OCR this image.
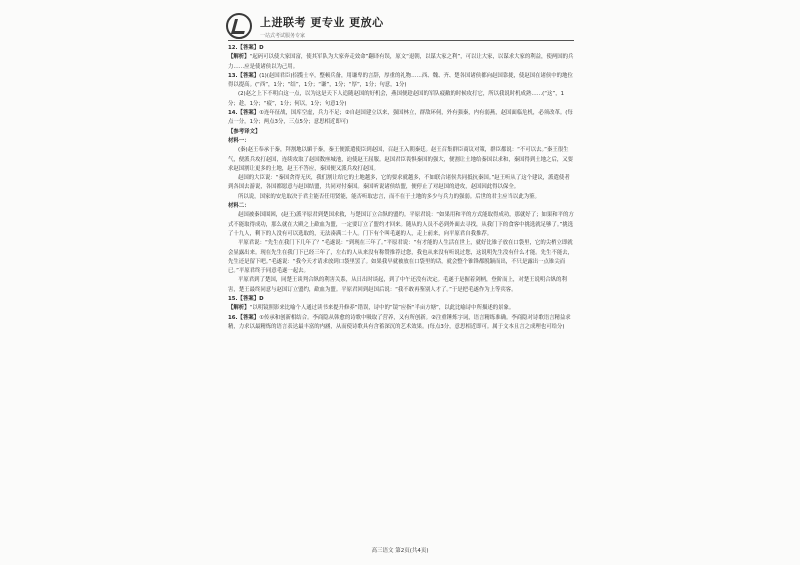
上进联考 更专业 更放心
一站式考试服务专家

12.【答案】D

【解析】“起码可以使大家国富，使其军队为大家奔走效命”翻译有误，原文“退朝，以谋大家之利”，可以让大家，以谋求大家的利益，使两国的兵力……应是使诸侯以为己用。

13.【答案】(1)(赵国君臣)招揽士卒，整顿兵备，用谦卑的言辞，厚重的礼物……西、魏、齐、楚各国诸侯都向赵国靠拢，使赵国在诸侯中的地位得以提高。(“西”，1分；“结”，1分；“谦”，1分；“厚”，1分；句意，1分)

(2)赵之上下不明白这一点，以为这是天下人追随赵国的好机会，燕国便趁赵国的军队疲敝的时候攻打它，所以我说时机成熟……(“这”，1分；趁，1分；“疲”，1分；何以，1分；句意1分)

14.【答案】①连年征战，国库空虚，兵力不足；②自赵国建立以来，强国林立，群敌环伺，外有强秦，内有弱燕，赵国面临危机，必须改革。(每点一分，1分；两点3分，三点5分；意思相近即可)

【参考译文】

材料一：

(秦)赵王奉承于秦，拜割地以媚于秦，秦王便派遣使臣到赵国，召赵王入朝秦廷。赵王召集群臣商议对策，群臣都说：“不可以去。”秦王很生气，便派兵攻打赵国，连续攻取了赵国数座城池，迫使赵王屈服。赵国君臣畏惧秦国的强大，便割让土地给秦国以求和，秦国得到土地之后，又要求赵国割让更多的土地，赵王不答应，秦国便又派兵攻打赵国。

赵国的大臣说：“秦国贪得无厌，我们割让给它的土地越多，它的要求就越多，不如联合诸侯共同抵抗秦国。”赵王听从了这个建议，派遣使者到各国去游说，各国都愿意与赵国结盟，共同对付秦国。秦国听说诸侯结盟，便停止了对赵国的进攻，赵国因此得以保全。

所以说，国家的安危取决于君主能否任用贤能，能否听取忠言，而不在于土地的多少与兵力的强弱。后世的君主应当以此为鉴。

材料二：

赵国被秦国围困，(赵王)派平原君到楚国求救，与楚国订立合纵的盟约。平原君说：“如果用和平的方式能取得成功，那就好了；如果和平的方式不能取得成功，那么就在大殿之上歃血为盟，一定要订立了盟约才回来。随从的人员不必到外面去寻找，从我门下的食客中挑选就足够了。”挑选了十九人，剩下的人没有可以选取的，无法凑满二十人。门下有个叫毛遂的人，走上前来，向平原君自我推荐。

平原君说：“先生在我门下几年了？”毛遂说：“到现在三年了。”平原君说：“有才能的人生活在世上，就好比锥子放在口袋里，它的尖梢立即就会显露出来。现在先生在我门下已经三年了，左右的人从来没有称赞推荐过您，我也从来没有听说过您，这说明先生没有什么才能。先生不能去，先生还是留下吧。”毛遂说：“我今天才请求放到口袋里罢了。如果我早就被放在口袋里的话，就会整个锥锋都脱颖而出，不只是露出一点锥尖而已。”平原君终于同意毛遂一起去。

平原君到了楚国，同楚王谈判合纵的利害关系，从日出时谈起，到了中午还没有决定。毛遂于是握着剑柄，登阶而上，对楚王说明合纵的利害，楚王最终同意与赵国订立盟约，歃血为盟。平原君回到赵国后说：“我不敢再鉴别人才了。”于是把毛遂作为上等宾客。

15.【答案】D

【解析】“以明镜照影来比喻个人通过读书来提升修养”错误，诗中的“镜”应指“半亩方塘”，以此比喻诗中所描述的景象。

16.【答案】①传承和创新相结合。李商隐从韩愈的诗歌中吸取了营养，又有所创新。②注重锤炼字词，语言精练准确。李商隐对诗歌语言精益求精，力求以最精炼的语言表达最丰富的内涵，从而使诗歌具有含蓄深沉的艺术效果。(每点3分，意思相近即可。属于文本且言之成理也可给分)

高三语文 第2页(共4页)
